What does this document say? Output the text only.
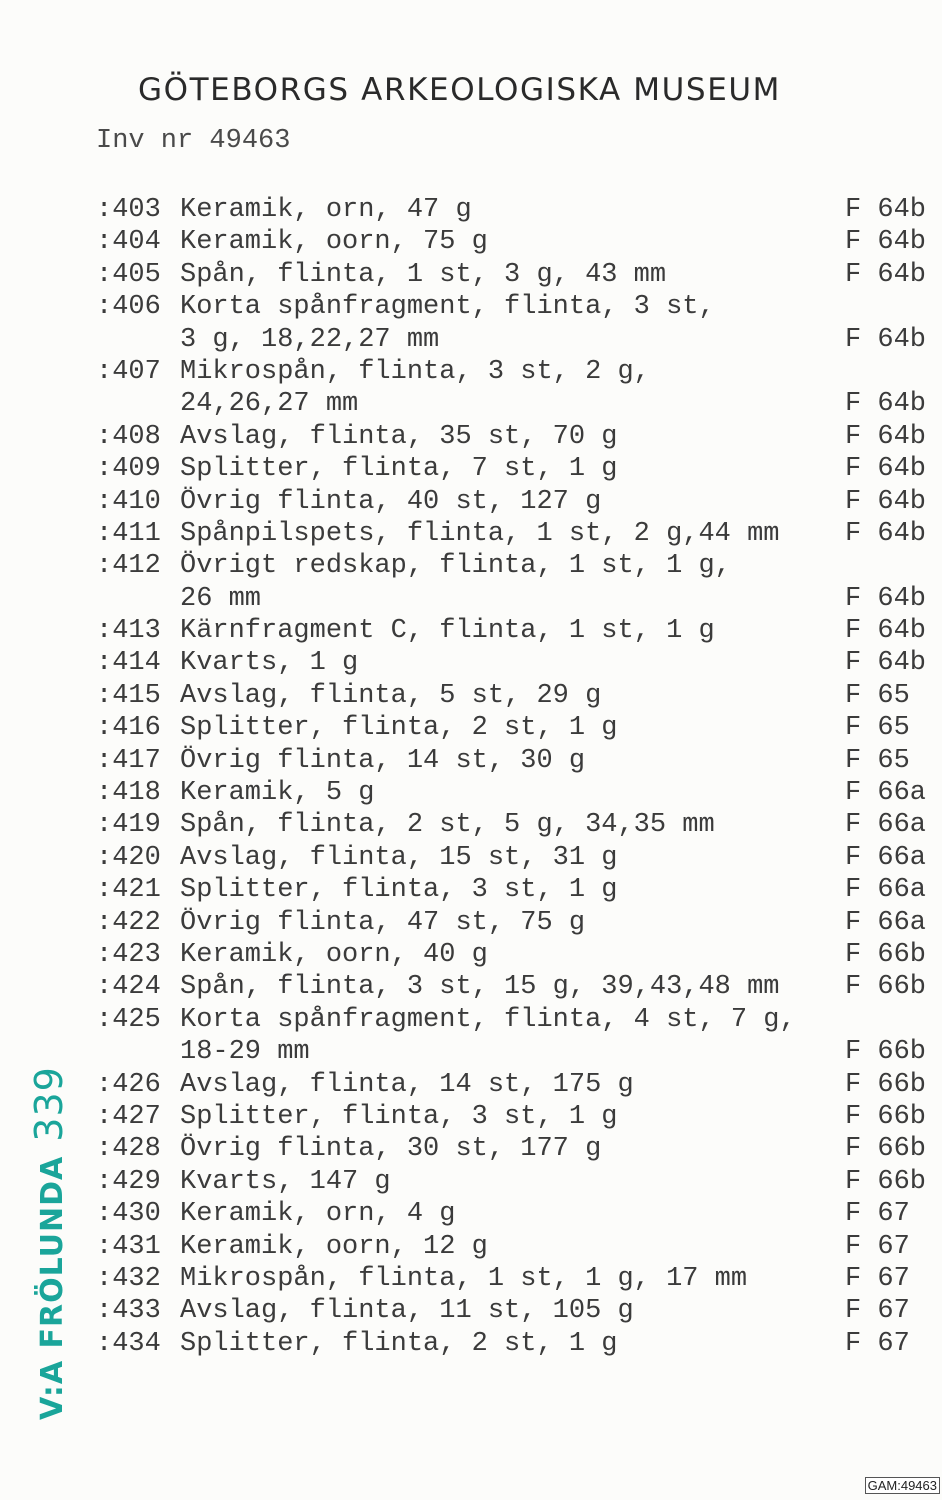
GÖTEBORGS ARKEOLOGISKA MUSEUM
Inv nr 49463
:403 Keramik, orn, 47 g	F 64b
:404 Keramik, oorn, 75 g	F 64b
:405 Spån, flinta, 1 st, 3 g, 43 mm	F 64b
:406 Korta spånfragment, flinta, 3 st,
3 g, 18,22,27 mm	F 64b
:407 Mikrospån, flinta, 3 st, 2 g,
24,26,27 mm	F 64b
:408 Avslag, flinta, 35 st, 70 g	F 64b
:409 Splitter, flinta, 7 st, 1 g	F 64b
:410 Övrig flinta, 40 st, 127 g	F 64b
:411 Spånpilspets, flinta, 1 st, 2 g,44 mm F 64b
:412 Övrigt redskap, flinta, 1 st, 1 g,
26 mm	F 64b
:413 Kärnfragment C, flinta, 1 st, 1 g	F 64b
:414 Kvarts, 1 g	F 64b
:415 Avslag, flinta, 5 st, 29 g	F 65
:416 Splitter, flinta, 2 st, 1 g	F 65
:417 Övrig flinta, 14 st, 30 g	F 65
:418 Keramik, 5 g	F 66a
:419 Spån, flinta, 2 st, 5 g, 34,35 mm	F 66a
:420 Avslag, flinta, 15 st, 31 g	F 66a
:421 Splitter, flinta, 3 st, 1 g	F 66a
:422 Övrig flinta, 47 st, 75 g	F 66a
:423 Keramik, oorn, 40 g	F 66b
:424 Spån, flinta, 3 st, 15 g, 39,43,48 mm F 66b
:425 Korta spånfragment, flinta, 4 st, 7 g,
18-29 mm	F 66b
:426 Avslag, flinta, 14 st, 175 g	F 66b
:427 Splitter, flinta, 3 st, 1 g	F 66b
:428 Övrig flinta, 30 st, 177 g	F 66b
:429 Kvarts, 147 g	F 66b
:430 Keramik, orn, 4 g	F 67
:431 Keramik, oorn, 12 g	F 67
:432 Mikrospån, flinta, 1 st, 1 g, 17 mm	F 67
:433 Avslag, flinta, 11 st, 105 g	F 67
:434 Splitter, flinta, 2 st, 1 g	F 67
V:A FRÖLUNDA339
GAM:49463
